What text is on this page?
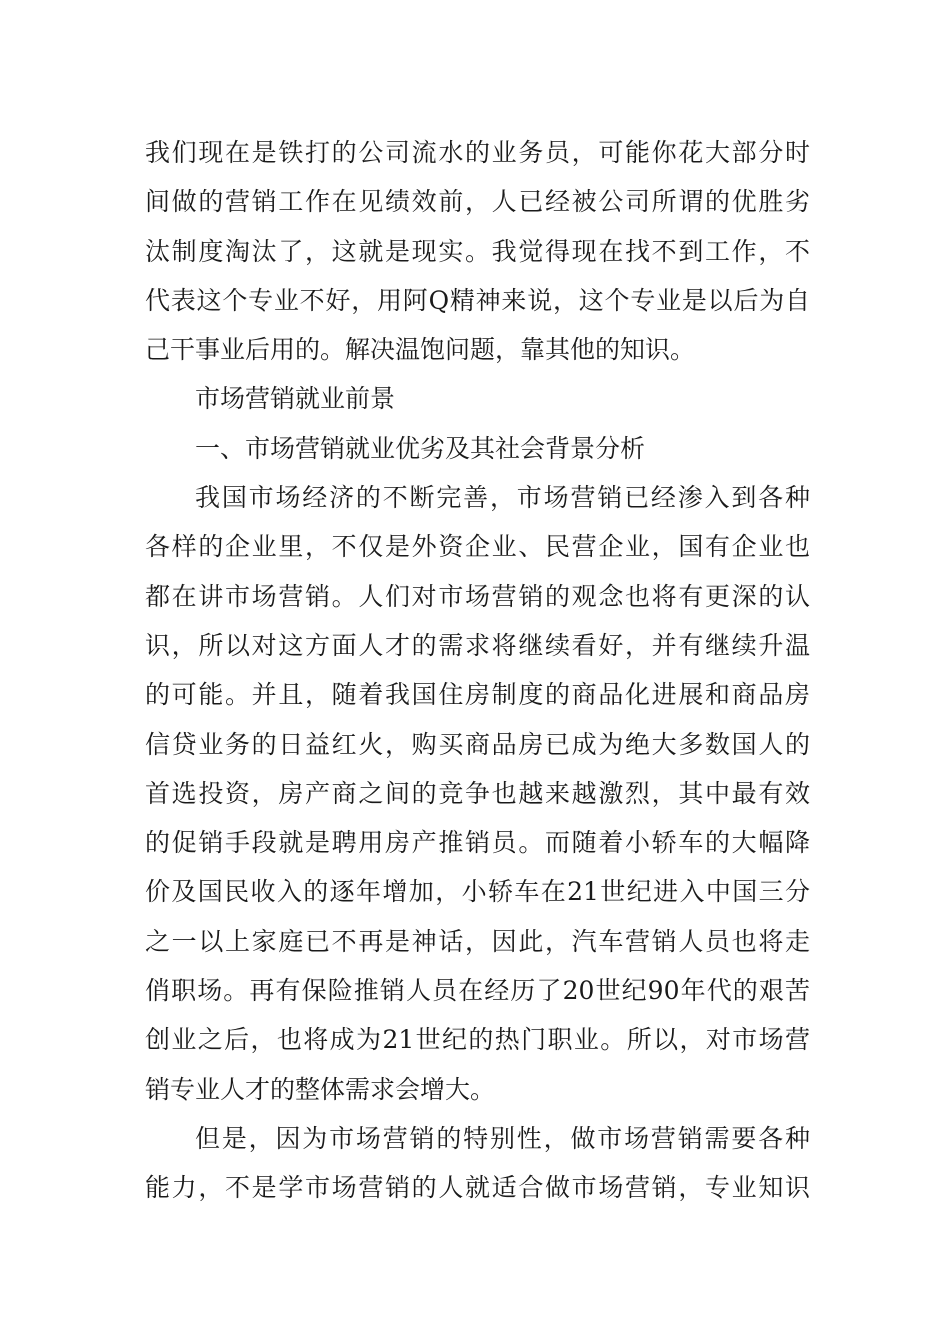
我们现在是铁打的公司流水的业务员，可能你花大部分时
间做的营销工作在见绩效前，人已经被公司所谓的优胜劣
汰制度淘汰了，这就是现实。我觉得现在找不到工作，不
代表这个专业不好，用阿Q精神来说，这个专业是以后为自
己干事业后用的。解决温饱问题，靠其他的知识。
市场营销就业前景
一、市场营销就业优劣及其社会背景分析
我国市场经济的不断完善，市场营销已经渗入到各种
各样的企业里，不仅是外资企业、民营企业，国有企业也
都在讲市场营销。人们对市场营销的观念也将有更深的认
识，所以对这方面人才的需求将继续看好，并有继续升温
的可能。并且，随着我国住房制度的商品化进展和商品房
信贷业务的日益红火，购买商品房已成为绝大多数国人的
首选投资，房产商之间的竞争也越来越激烈，其中最有效
的促销手段就是聘用房产推销员。而随着小轿车的大幅降
价及国民收入的逐年增加，小轿车在21世纪进入中国三分
之一以上家庭已不再是神话，因此，汽车营销人员也将走
俏职场。再有保险推销人员在经历了20世纪90年代的艰苦
创业之后，也将成为21世纪的热门职业。所以，对市场营
销专业人才的整体需求会增大。
但是，因为市场营销的特别性，做市场营销需要各种
能力，不是学市场营销的人就适合做市场营销，专业知识
